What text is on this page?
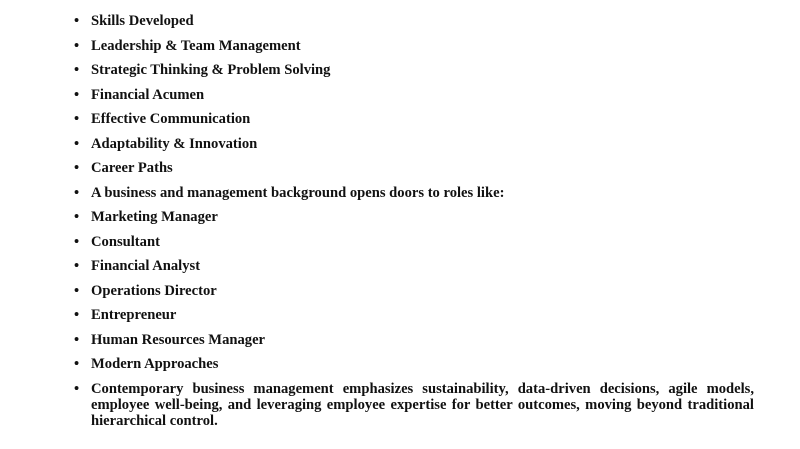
• Skills Developed
• Leadership & Team Management
• Strategic Thinking & Problem Solving
• Financial Acumen
• Effective Communication
• Adaptability & Innovation
• Career Paths
• A business and management background opens doors to roles like:
• Marketing Manager
• Consultant
• Financial Analyst
• Operations Director
• Entrepreneur
• Human Resources Manager
• Modern Approaches
• Contemporary business management emphasizes sustainability, data-driven decisions, agile models, employee well-being, and leveraging employee expertise for better outcomes, moving beyond traditional hierarchical control.
